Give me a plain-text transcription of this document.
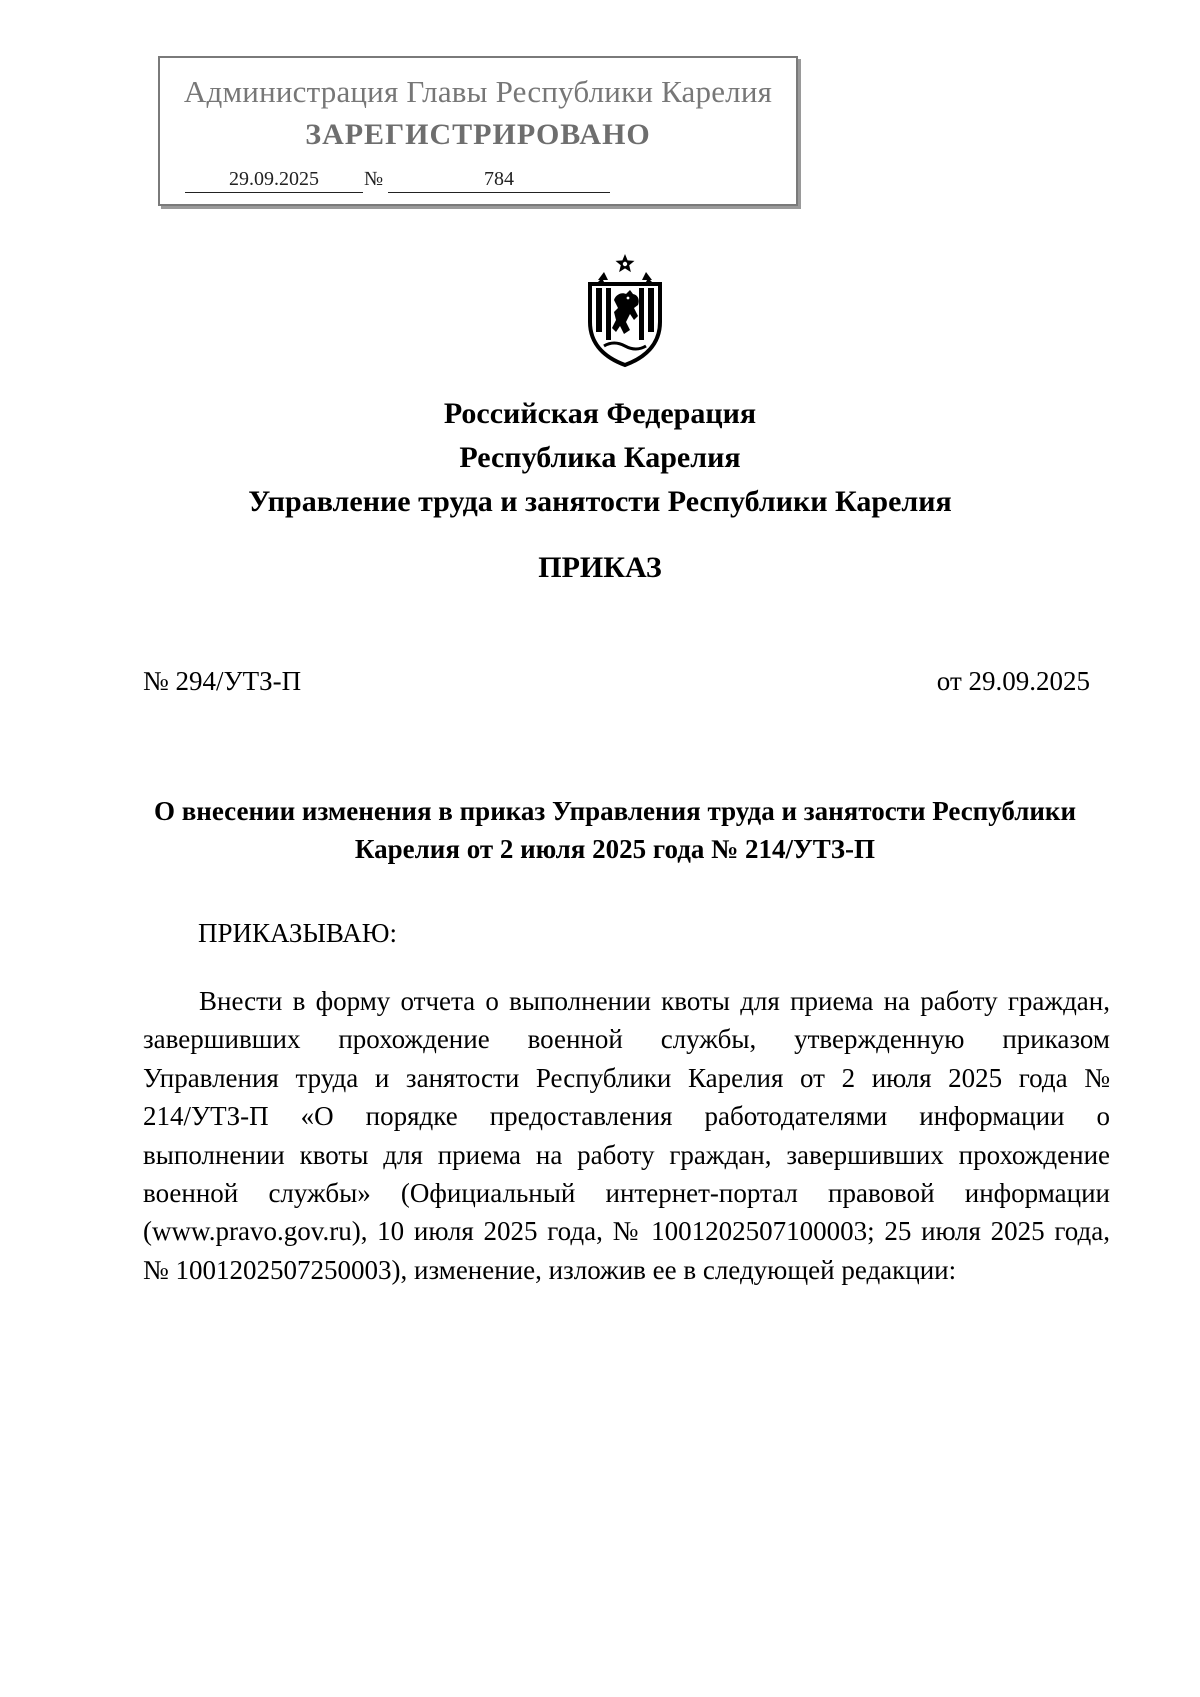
Администрация Главы Республики Карелия
ЗАРЕГИСТРИРОВАНО
29.09.2025	№	784
Российская Федерация
Республика Карелия
Управление труда и занятости Республики Карелия
ПРИКАЗ
№ 294/УТЗ-П	от 29.09.2025
О внесении изменения в приказ Управления труда и занятости Республики
Карелия от 2 июля 2025 года № 214/УТЗ-П
ПРИКАЗЫВАЮ:
Внести в форму отчета о выполнении квоты для приема на работу граждан,
завершивших прохождение военной службы, утвержденную приказом
Управления труда и занятости Республики Карелия от 2 июля 2025 года №
214/УТЗ-П «О порядке предоставления работодателями информации о
выполнении квоты для приема на работу граждан, завершивших прохождение
военной службы» (Официальный интернет-портал правовой информации
(www.pravo.gov.ru), 10 июля 2025 года, № 1001202507100003; 25 июля 2025 года,
№ 1001202507250003), изменение, изложив ее в следующей редакции:
